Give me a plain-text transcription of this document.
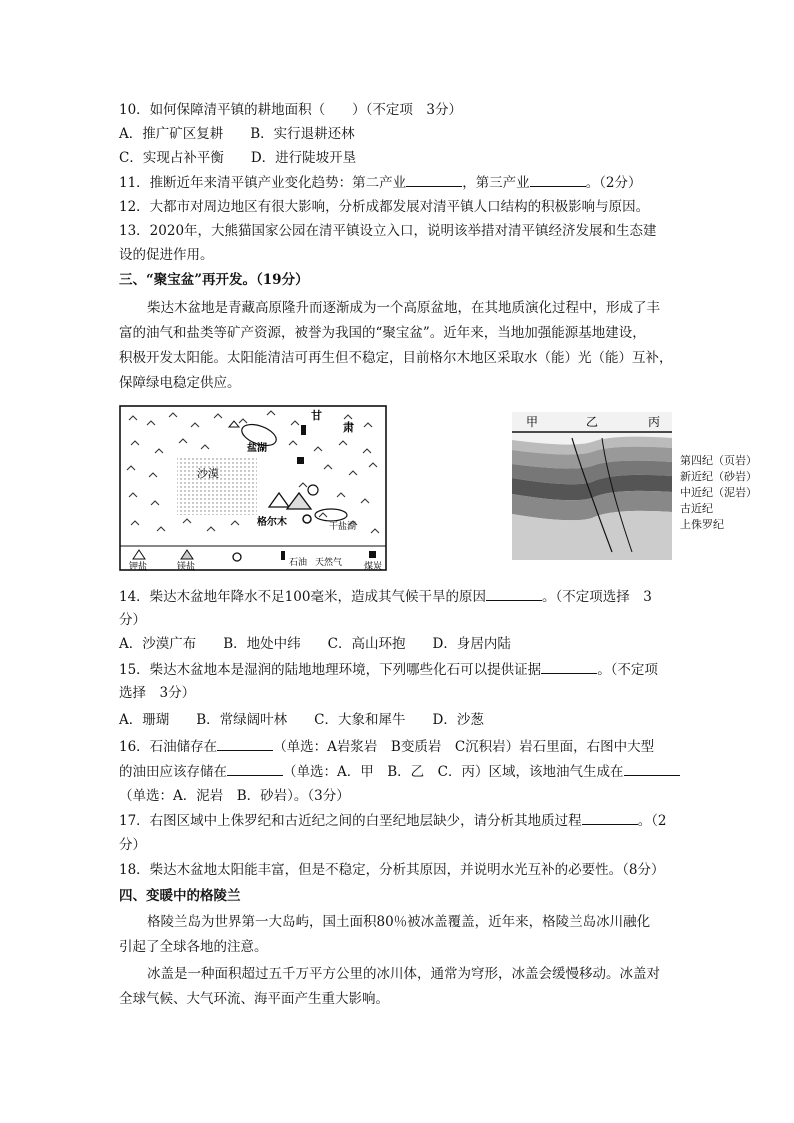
10．如何保障清平镇的耕地面积（　　）（不定项　3分）
A．推广矿区复耕　　B．实行退耕还林
C．实现占补平衡　　D．进行陡坡开垦
11．推断近年来清平镇产业变化趋势：第二产业	，第三产业	。（2分）
12．大都市对周边地区有很大影响，分析成都发展对清平镇人口结构的积极影响与原因。
13．2020年，大熊猫国家公园在清平镇设立入口，说明该举措对清平镇经济发展和生态建
设的促进作用。
三、“聚宝盆”再开发。（19分）
柴达木盆地是青藏高原隆升而逐渐成为一个高原盆地，在其地质演化过程中，形成了丰
富的油气和盐类等矿产资源，被誉为我国的“聚宝盆”。近年来，当地加强能源基地建设，
积极开发太阳能。太阳能清洁可再生但不稳定，目前格尔木地区采取水（能）光（能）互补，
保障绿电稳定供应。
甘
肃
盐湖
沙漠
格尔木	干盐湖
钾盐	镁盐	石油 天然气 煤炭
甲	乙	丙
第四纪（页岩）
新近纪（砂岩）
中近纪（泥岩）
古近纪
上侏罗纪
14．柴达木盆地年降水不足100毫米，造成其气候干旱的原因	。（不定项选择　3
分）
A．沙漠广布　　B．地处中纬　　C．高山环抱　　D．身居内陆
15．柴达木盆地本是湿润的陆地地理环境，下列哪些化石可以提供证据	。（不定项
选择　3分）
A．珊瑚　　B．常绿阔叶林　　C．大象和犀牛　　D．沙葱
16．石油储存在	（单选：A岩浆岩　B变质岩　C沉积岩）岩石里面，右图中大型
的油田应该存储在	（单选：A．甲　B．乙　C．丙）区域，该地油气生成在
（单选：A．泥岩　B．砂岩）。（3分）
17．右图区域中上侏罗纪和古近纪之间的白垩纪地层缺少，请分析其地质过程	。（2
分）
18．柴达木盆地太阳能丰富，但是不稳定，分析其原因，并说明水光互补的必要性。（8分）
四、变暖中的格陵兰
格陵兰岛为世界第一大岛屿，国土面积80％被冰盖覆盖，近年来，格陵兰岛冰川融化
引起了全球各地的注意。
冰盖是一种面积超过五千万平方公里的冰川体，通常为穹形，冰盖会缓慢移动。冰盖对
全球气候、大气环流、海平面产生重大影响。
